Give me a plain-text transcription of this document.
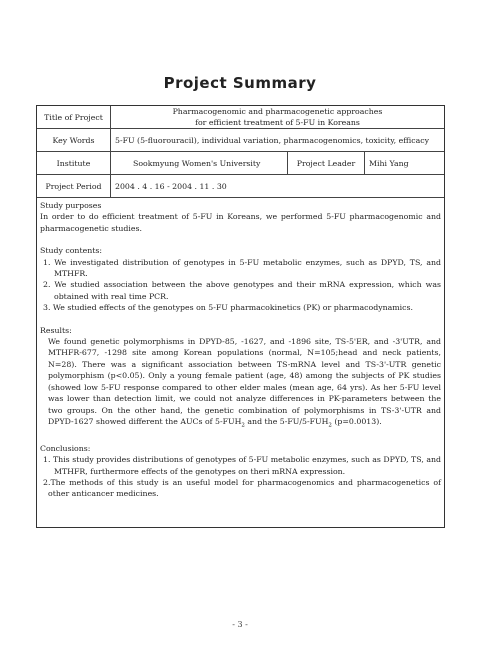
Project Summary
Title of Project	Pharmacogenomic and pharmacogenetic approaches
for efficient treatment of 5-FU in Koreans		

Key Words	5-FU (5-fluorouracil), individual variation, pharmacogenomics, toxicity, efficacy		
Institute	Sookmyung Women's University	Project Leader	Mihi Yang
Project Period	2004 . 4 . 16 - 2004 . 11 . 30		

Study purposes

In order to do efficient treatment of 5-FU in Koreans, we performed 5-FU pharmacogenomic and pharmacogenetic studies.

Study contents:

1. We investigated distribution of genotypes in 5-FU metabolic enzymes, such as DPYD, TS, and MTHFR.

2. We studied association between the above genotypes and their mRNA expression, which was obtained with real time PCR.

3. We studied effects of the genotypes on 5-FU pharmacokinetics (PK) or pharmacodynamics.

Results:

We found genetic polymorphisms in DPYD-85, -1627, and -1896 site, TS-5'ER, and -3'UTR, and MTHFR-677, -1298 site among Korean populations (normal, N=105;head and neck patients, N=28). There was a significant association between TS-mRNA level and TS-3'-UTR genetic polymorphism (p<0.05). Only a young female patient (age, 48) among the subjects of PK studies (showed low 5-FU response compared to other elder males (mean age, 64 yrs). As her 5-FU level was lower than detection limit, we could not analyze differences in PK-parameters between the two groups. On the other hand, the genetic combination of polymorphisms in TS-3'-UTR and DPYD-1627 showed different the AUCs of $5-FUH_2$ and the $5-FU/5-FUH_2$ (p=0.0013).

Conclusions:

1. This study provides distributions of genotypes of 5-FU metabolic enzymes, such as DPYD, TS, and MTHFR, furthermore effects of the genotypes on theri mRNA expression.

2.The methods of this study is an useful model for pharmacogenomics and pharmacogenetics of other anticancer medicines.

- 3 -
